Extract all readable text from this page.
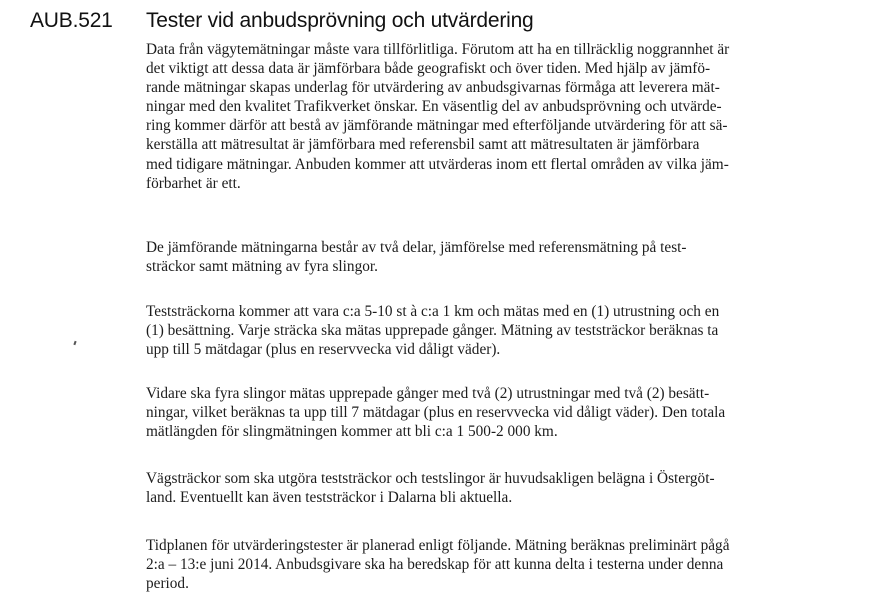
AUB.521 Tester vid anbudsprövning och utvärdering

Data från vägytemätningar måste vara tillförlitliga. Förutom att ha en tillräcklig noggrannhet är
det viktigt att dessa data är jämförbara både geografiskt och över tiden. Med hjälp av jämfö-
rande mätningar skapas underlag för utvärdering av anbudsgivarnas förmåga att leverera mät-
ningar med den kvalitet Trafikverket önskar. En väsentlig del av anbudsprövning och utvärde-
ring kommer därför att bestå av jämförande mätningar med efterföljande utvärdering för att sä-
kerställa att mätresultat är jämförbara med referensbil samt att mätresultaten är jämförbara
med tidigare mätningar. Anbuden kommer att utvärderas inom ett flertal områden av vilka jäm-
förbarhet är ett.

De jämförande mätningarna består av två delar, jämförelse med referensmätning på test-
sträckor samt mätning av fyra slingor.

Teststräckorna kommer att vara c:a 5-10 st à c:a 1 km och mätas med en (1) utrustning och en
(1) besättning. Varje sträcka ska mätas upprepade gånger. Mätning av teststräckor beräknas ta
upp till 5 mätdagar (plus en reservvecka vid dåligt väder).

Vidare ska fyra slingor mätas upprepade gånger med två (2) utrustningar med två (2) besätt-
ningar, vilket beräknas ta upp till 7 mätdagar (plus en reservvecka vid dåligt väder). Den totala
mätlängden för slingmätningen kommer att bli c:a 1 500-2 000 km.

Vägsträckor som ska utgöra teststräckor och testslingor är huvudsakligen belägna i Östergöt-
land. Eventuellt kan även teststräckor i Dalarna bli aktuella.

Tidplanen för utvärderingstester är planerad enligt följande. Mätning beräknas preliminärt pågå
2:a – 13:e juni 2014. Anbudsgivare ska ha beredskap för att kunna delta i testerna under denna
period.
